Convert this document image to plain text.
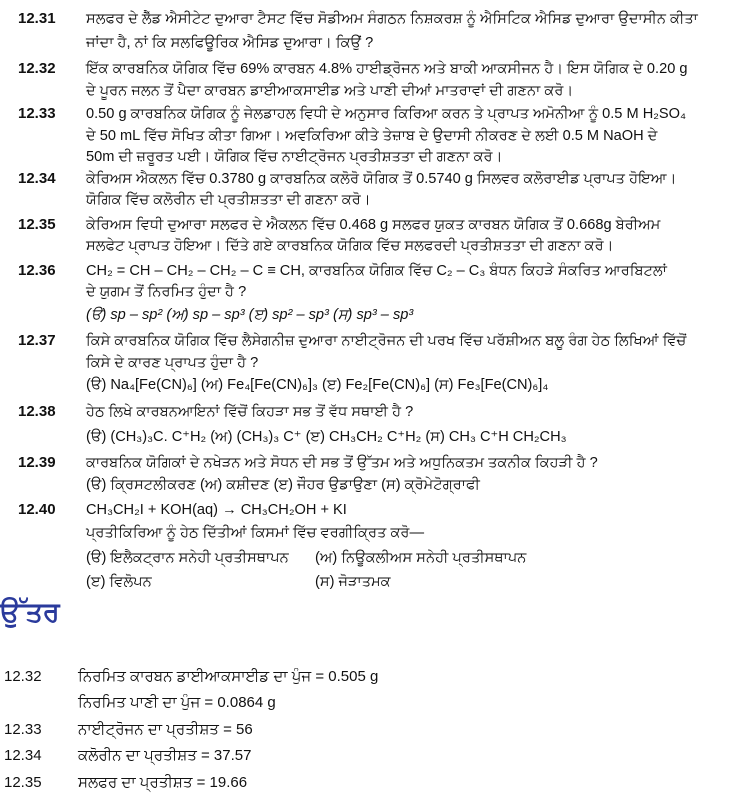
12.31 ਸਲਫਰ ਦੇ ਲੈੱਡ ਐਸੀਟੇਟ ਦੁਆਰਾ ਟੈਸਟ ਵਿੱਚ ਸੋਡੀਅਮ ਸੰਗਠਨ ਨਿਸ਼ਕਰਸ਼ ਨੂੰ ਐਸਿਟਿਕ ਐਸਿਡ ਦੁਆਰਾ ਉਦਾਸੀਨ ਕੀਤਾ
ਜਾਂਦਾ ਹੈ, ਨਾਂ ਕਿ ਸਲਫਿਊਰਿਕ ਐਸਿਡ ਦੁਆਰਾ। ਕਿਉਂ ?
12.32 ਇੱਕ ਕਾਰਬਨਿਕ ਯੋਗਿਕ ਵਿੱਚ 69% ਕਾਰਬਨ 4.8% ਹਾਈਡ੍ਰੋਜਨ ਅਤੇ ਬਾਕੀ ਆਕਸੀਜਨ ਹੈ। ਇਸ ਯੋਗਿਕ ਦੇ 0.20 g
ਦੇ ਪੂਰਨ ਜਲਨ ਤੋਂ ਪੈਦਾ ਕਾਰਬਨ ਡਾਈਆਕਸਾਈਡ ਅਤੇ ਪਾਣੀ ਦੀਆਂ ਮਾਤਰਾਵਾਂ ਦੀ ਗਣਨਾ ਕਰੋ।
12.33 0.50 g ਕਾਰਬਨਿਕ ਯੋਗਿਕ ਨੂੰ ਜੇਲਡਾਹਲ ਵਿਧੀ ਦੇ ਅਨੁਸਾਰ ਕਿਰਿਆ ਕਰਨ ਤੇ ਪ੍ਰਾਪਤ ਅਮੋਨੀਆ ਨੂੰ 0.5 M H₂SO₄
ਦੇ 50 mL ਵਿੱਚ ਸੋਖਿਤ ਕੀਤਾ ਗਿਆ। ਅਵਕਿਰਿਆ ਕੀਤੇ ਤੇਜ਼ਾਬ ਦੇ ਉਦਾਸੀ ਨੀਕਰਣ ਦੇ ਲਈ 0.5 M NaOH ਦੇ
50m ਦੀ ਜ਼ਰੂਰਤ ਪਈ। ਯੋਗਿਕ ਵਿੱਚ ਨਾਈਟ੍ਰੋਜਨ ਪ੍ਰਤੀਸ਼ਤਤਾ ਦੀ ਗਣਨਾ ਕਰੋ।
12.34 ਕੇਰਿਅਸ ਐਕਲਨ ਵਿੱਚ 0.3780 g ਕਾਰਬਨਿਕ ਕਲੋਰੋ ਯੋਗਿਕ ਤੋਂ 0.5740 g ਸਿਲਵਰ ਕਲੋਰਾਈਡ ਪ੍ਰਾਪਤ ਹੋਇਆ।
ਯੋਗਿਕ ਵਿੱਚ ਕਲੋਰੀਨ ਦੀ ਪ੍ਰਤੀਸ਼ਤਤਾ ਦੀ ਗਣਨਾ ਕਰੋ।
12.35 ਕੇਰਿਅਸ ਵਿਧੀ ਦੁਆਰਾ ਸਲਫਰ ਦੇ ਐਕਲਨ ਵਿੱਚ 0.468 g ਸਲਫਰ ਯੁਕਤ ਕਾਰਬਨ ਯੋਗਿਕ ਤੋਂ 0.668g ਬੇਰੀਅਮ
ਸਲਫੇਟ ਪ੍ਰਾਪਤ ਹੋਇਆ। ਦਿੱਤੇ ਗਏ ਕਾਰਬਨਿਕ ਯੋਗਿਕ ਵਿੱਚ ਸਲਫਰਦੀ ਪ੍ਰਤੀਸ਼ਤਤਾ ਦੀ ਗਣਨਾ ਕਰੋ।
12.36 CH₂ = CH – CH₂ – CH₂ – C ≡ CH, ਕਾਰਬਨਿਕ ਯੋਗਿਕ ਵਿੱਚ C₂ – C₃ ਬੰਧਨ ਕਿਹੜੇ ਸੰਕਰਿਤ ਆਰਬਿਟਲਾਂ
ਦੇ ਯੁਗਮ ਤੋਂ ਨਿਰਮਿਤ ਹੁੰਦਾ ਹੈ ?
(ੳ) sp – sp² (ਅ) sp – sp³ (ੲ) sp² – sp³ (ਸ) sp³ – sp³
12.37 ਕਿਸੇ ਕਾਰਬਨਿਕ ਯੋਗਿਕ ਵਿੱਚ ਲੈਸੇਗਨੀਜ਼ ਦੁਆਰਾ ਨਾਈਟ੍ਰੋਜਨ ਦੀ ਪਰਖ ਵਿੱਚ ਪਰੱਸ਼ੀਅਨ ਬਲੂ ਰੰਗ ਹੇਠ ਲਿਖਿਆਂ ਵਿੱਚੋਂ
ਕਿਸੇ ਦੇ ਕਾਰਣ ਪ੍ਰਾਪਤ ਹੁੰਦਾ ਹੈ ?
(ੳ) Na₄[Fe(CN)₆] (ਅ) Fe₄[Fe(CN)₆]₃ (ੲ) Fe₂[Fe(CN)₆] (ਸ) Fe₃[Fe(CN)₆]₄
12.38 ਹੇਠ ਲਿਖੇ ਕਾਰਬਨਆਇਨਾਂ ਵਿੱਚੋਂ ਕਿਹੜਾ ਸਭ ਤੋਂ ਵੱਧ ਸਥਾਈ ਹੈ ?
(ੳ) (CH₃)₃C. C⁺H₂ (ਅ) (CH₃)₃ C⁺ (ੲ) CH₃CH₂ C⁺H₂ (ਸ) CH₃ C⁺H CH₂CH₃
12.39 ਕਾਰਬਨਿਕ ਯੋਗਿਕਾਂ ਦੇ ਨਖੇੜਨ ਅਤੇ ਸੋਧਨ ਦੀ ਸਭ ਤੋਂ ਉੱਤਮ ਅਤੇ ਅਧੁਨਿਕਤਮ ਤਕਨੀਕ ਕਿਹੜੀ ਹੈ ?
(ੳ) ਕ੍ਰਿਸਟਲੀਕਰਣ (ਅ) ਕਸ਼ੀਦਣ (ੲ) ਜੌਹਰ ਉਡਾਉਣਾ (ਸ) ਕ੍ਰੋਮੇਟੋਗ੍ਰਾਫੀ
12.40 CH₃CH₂I + KOH(aq) → CH₃CH₂OH + KI
ਪ੍ਰਤੀਕਿਰਿਆ ਨੂੰ ਹੇਠ ਦਿੱਤੀਆਂ ਕਿਸਮਾਂ ਵਿੱਚ ਵਰਗੀਕ੍ਰਿਤ ਕਰੋ—
(ੳ) ਇਲੈਕਟ੍ਰਾਨ ਸਨੇਹੀ ਪ੍ਰਤੀਸਥਾਪਨ (ਅ) ਨਿਊਕਲੀਅਸ ਸਨੇਹੀ ਪ੍ਰਤੀਸਥਾਪਨ
(ੲ) ਵਿਲੋਪਨ	(ਸ) ਜੋੜਾਤਮਕ
ਉੱਤਰ
12.32 ਨਿਰਮਿਤ ਕਾਰਬਨ ਡਾਈਆਕਸਾਈਡ ਦਾ ਪੁੰਜ = 0.505 g
ਨਿਰਮਿਤ ਪਾਣੀ ਦਾ ਪੁੰਜ = 0.0864 g
12.33 ਨਾਈਟ੍ਰੋਜਨ ਦਾ ਪ੍ਰਤੀਸ਼ਤ = 56
12.34 ਕਲੋਰੀਨ ਦਾ ਪ੍ਰਤੀਸ਼ਤ = 37.57
12.35 ਸਲਫਰ ਦਾ ਪ੍ਰਤੀਸ਼ਤ = 19.66
